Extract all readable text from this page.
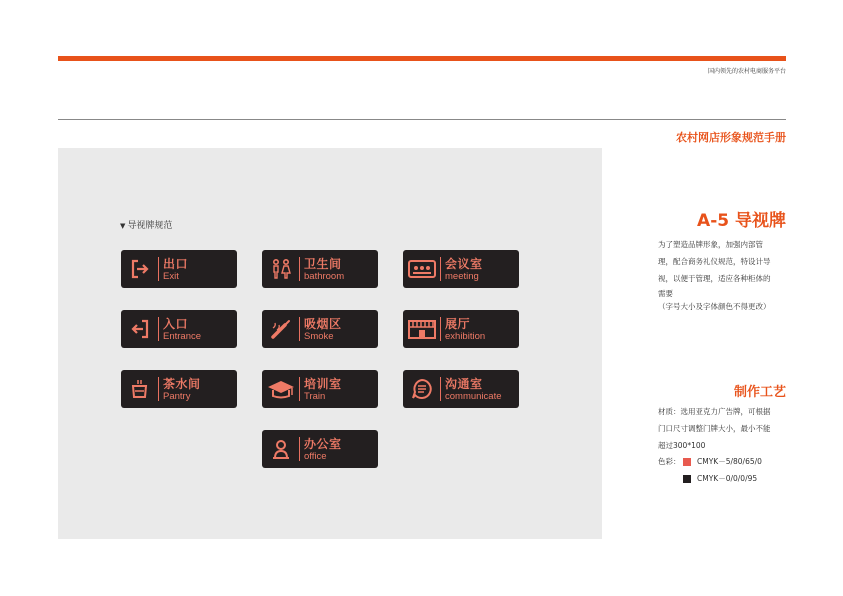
国内领先的农村电商服务平台
农村网店形象规范手册
▼ 导视牌规范
出口
Exit
卫生间
bathroom
会议室
meeting
入口
Entrance
吸烟区
Smoke
展厅
exhibition
茶水间
Pantry
培训室
Train
沟通室
communicate
办公室
office
A-5 导视牌
为了塑造品牌形象，加强内部管
理，配合商务礼仪规范，特设计导
视，以便于管理，适应各种柜体的
需要
（字号大小及字体颜色不得更改）
制作工艺
材质：选用亚克力广告牌，可根据
门口尺寸调整门牌大小，最小不能
超过300*100
色彩： CMYK－5/80/65/0
CMYK－0/0/0/95
